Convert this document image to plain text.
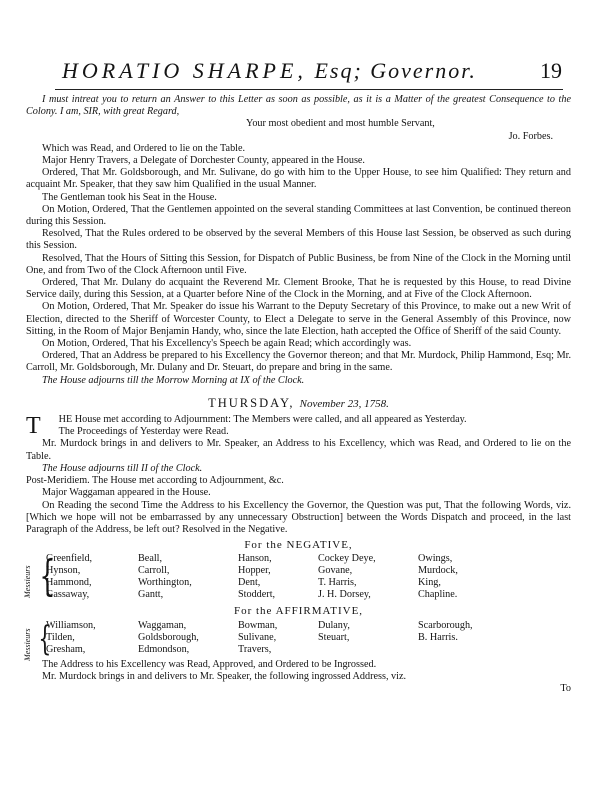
HORATIO SHARPE, Esq; Governor.	19

I must intreat you to return an Answer to this Letter as soon as possible, as it is a Matter of the greatest Consequence to the Colony. I am, SIR, with great Regard,

Your most obedient and most humble Servant,

Jo. Forbes.

Which was Read, and Ordered to lie on the Table.

Major Henry Travers, a Delegate of Dorchester County, appeared in the House.

Ordered, That Mr. Goldsborough, and Mr. Sulivane, do go with him to the Upper House, to see him Qualified: They return and acquaint Mr. Speaker, that they saw him Qualified in the usual Manner.

The Gentleman took his Seat in the House.

On Motion, Ordered, That the Gentlemen appointed on the several standing Committees at last Convention, be continued thereon during this Session.

Resolved, That the Rules ordered to be observed by the several Members of this House last Session, be observed as such during this Session.

Resolved, That the Hours of Sitting this Session, for Dispatch of Public Business, be from Nine of the Clock in the Morning until One, and from Two of the Clock Afternoon until Five.

Ordered, That Mr. Dulany do acquaint the Reverend Mr. Clement Brooke, That he is requested by this House, to read Divine Service daily, during this Session, at a Quarter before Nine of the Clock in the Morning, and at Five of the Clock Afternoon.

On Motion, Ordered, That Mr. Speaker do issue his Warrant to the Deputy Secretary of this Province, to make out a new Writ of Election, directed to the Sheriff of Worcester County, to Elect a Delegate to serve in the General Assembly of this Province, now Sitting, in the Room of Major Benjamin Handy, who, since the late Election, hath accepted the Office of Sheriff of the said County.

On Motion, Ordered, That his Excellency's Speech be again Read; which accordingly was.

Ordered, That an Address be prepared to his Excellency the Governor thereon; and that Mr. Murdock, Philip Hammond, Esq; Mr. Carroll, Mr. Goldsborough, Mr. Dulany and Dr. Steuart, do prepare and bring in the same.

The House adjourns till the Morrow Morning at IX of the Clock.

THURSDAY, November 23, 1758.

T HE House met according to Adjournment: The Members were called, and all appeared as Yesterday.

The Proceedings of Yesterday were Read.

Mr. Murdock brings in and delivers to Mr. Speaker, an Address to his Excellency, which was Read, and Ordered to lie on the Table.

The House adjourns till II of the Clock.

Post-Meridiem. The House met according to Adjournment, &c.

Major Waggaman appeared in the House.

On Reading the second Time the Address to his Excellency the Governor, the Question was put, That the following Words, viz. [Which we hope will not be embarrassed by any unnecessary Obstruction] between the Words Dispatch and proceed, in the last Paragraph of the Address, be left out? Resolved in the Negative.

For the NEGATIVE,
Messieurs {
Greenfield,
Hynson,
Hammond,
Gassaway,
Beall,
Carroll,
Worthington,
Gantt,
Hanson,
Hopper,
Dent,
Stoddert,
Cockey Deye,
Govane,
T. Harris,
J. H. Dorsey,
Owings,
Murdock,
King,
Chapline.
For the AFFIRMATIVE,
Messieurs {
Williamson,
Tilden,
Gresham,
Waggaman,
Goldsborough,
Edmondson,
Bowman,
Sulivane,
Travers,
Dulany,
Steuart,
Scarborough,
B. Harris.

The Address to his Excellency was Read, Approved, and Ordered to be Ingrossed.

Mr. Murdock brings in and delivers to Mr. Speaker, the following ingrossed Address, viz.

To
